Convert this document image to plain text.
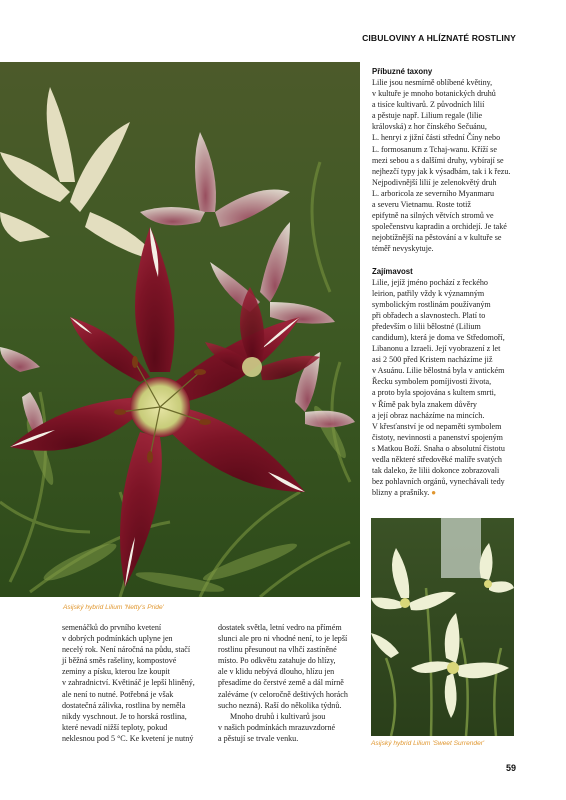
CIBULOVINY A HLÍZNATÉ ROSTLINY
Asijský hybrid Lilium 'Netty's Pride'
Příbuzné taxony

Lilie jsou nesmírně oblíbené květiny,
v kultuře je mnoho botanických druhů
a tisíce kultivarů. Z původních lilií
a pěstuje např. Lilium regale (lilie
královská) z hor čínského Sečuánu,
L. henryi z jižní části střední Číny nebo
L. formosanum z Tchaj-wanu. Kříží se
mezi sebou a s dalšími druhy, vybírají se
nejhezčí typy jak k výsadbám, tak i k řezu.
Nejpodivnější lilií je zelenokvětý druh
L. arboricola ze severního Myanmaru
a severu Vietnamu. Roste totiž
epifytně na silných větvích stromů ve
společenstvu kapradin a orchidejí. Je také
nejobtížnější na pěstování a v kultuře se
téměř nevyskytuje.

Zajímavost

Lilie, jejíž jméno pochází z řeckého
leirion, patřily vždy k významným
symbolickým rostlinám používaným
při obřadech a slavnostech. Platí to
především o lilii bělostné (Lilium
candidum), která je doma ve Středomoří,
Libanonu a Izraeli. Její vyobrazení z let
asi 2 500 před Kristem nacházíme již
v Asuánu. Lilie bělostná byla v antickém
Řecku symbolem pomíjivosti života,
a proto byla spojována s kultem smrti,
v Římě pak byla znakem důvěry
a její obraz nacházíme na mincích.
V křesťanství je od nepaměti symbolem
čistoty, nevinnosti a panenství spojeným
s Matkou Boží. Snaha o absolutní čistotu
vedla některé středověké malíře svatých
tak daleko, že lilii dokonce zobrazovali
bez pohlavních orgánů, vynechávali tedy
blizny a prašníky. ●

Asijský hybrid Lilium 'Sweet Surrender'
semenáčků do prvního kvetení
v dobrých podmínkách uplyne jen
necelý rok. Není náročná na půdu, stačí
jí běžná směs rašeliny, kompostové
zeminy a písku, kterou lze koupit
v zahradnictví. Květináč je lepší hliněný,
ale není to nutné. Potřebná je však
dostatečná zálivka, rostlina by neměla
nikdy vyschnout. Je to horská rostlina,
které nevadí nižší teploty, pokud
neklesnou pod 5 °C. Ke kvetení je nutný
dostatek světla, letní vedro na přímém
slunci ale pro ni vhodné není, to je lepší
rostlinu přesunout na vlhčí zastíněné
místo. Po odkvětu zatahuje do hlízy,
ale v klidu nebývá dlouho, hlízu jen
přesadíme do čerstvé země a dál mírně
zaléváme (v celoročně deštivých horách
sucho nezná). Raší do několika týdnů.
Mnoho druhů i kultivarů jsou
v našich podmínkách mrazuvzdorné
a pěstují se trvale venku.
59
